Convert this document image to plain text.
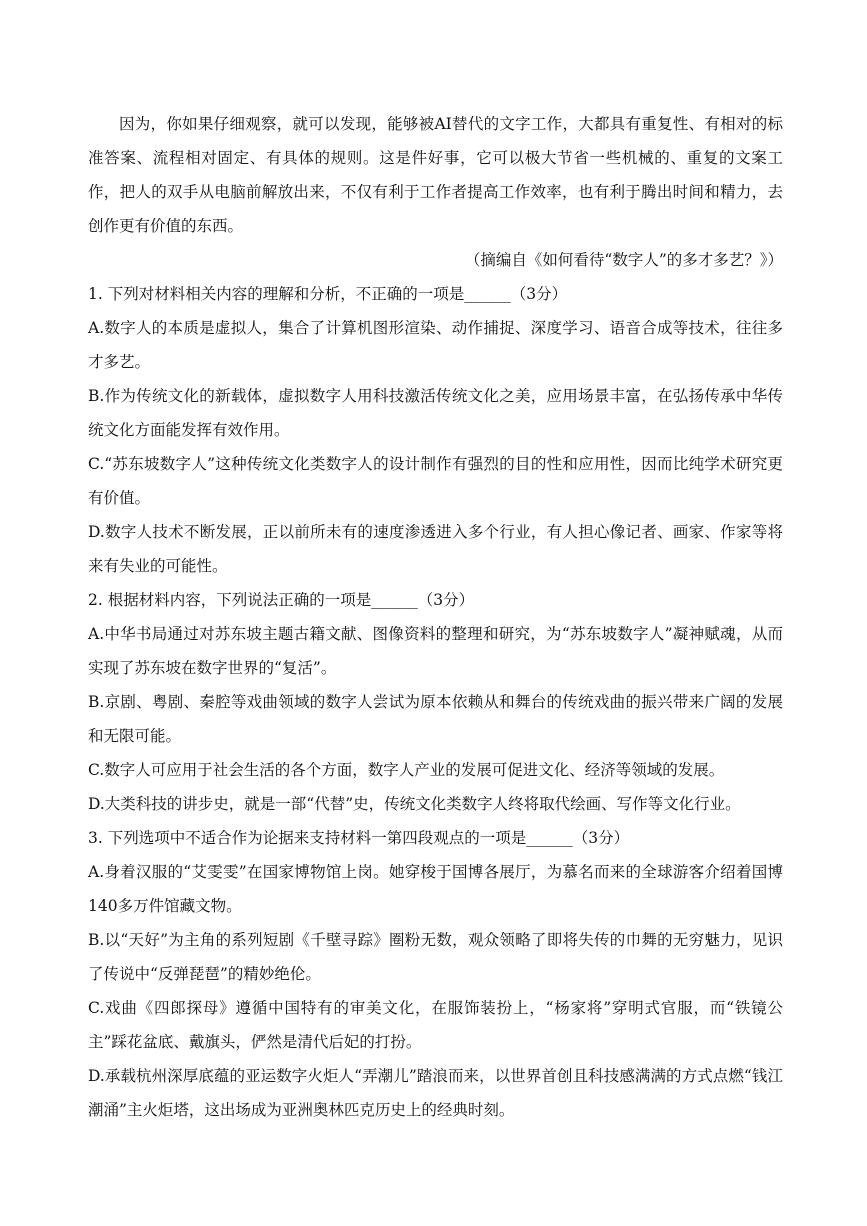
因为，你如果仔细观察，就可以发现，能够被AI替代的文字工作，大都具有重复性、有相对的标准答案、流程相对固定、有具体的规则。这是件好事，它可以极大节省一些机械的、重复的文案工作，把人的双手从电脑前解放出来，不仅有利于工作者提高工作效率，也有利于腾出时间和精力，去创作更有价值的东西。

（摘编自《如何看待“数字人”的多才多艺？》）

1. 下列对材料相关内容的理解和分析，不正确的一项是______（3分）

A.数字人的本质是虚拟人，集合了计算机图形渲染、动作捕捉、深度学习、语音合成等技术，往往多才多艺。

B.作为传统文化的新载体，虚拟数字人用科技激活传统文化之美，应用场景丰富，在弘扬传承中华传统文化方面能发挥有效作用。

C.“苏东坡数字人”这种传统文化类数字人的设计制作有强烈的目的性和应用性，因而比纯学术研究更有价值。

D.数字人技术不断发展，正以前所未有的速度渗透进入多个行业，有人担心像记者、画家、作家等将来有失业的可能性。

2. 根据材料内容，下列说法正确的一项是______（3分）

A.中华书局通过对苏东坡主题古籍文献、图像资料的整理和研究，为“苏东坡数字人”凝神赋魂，从而实现了苏东坡在数字世界的“复活”。

B.京剧、粤剧、秦腔等戏曲领域的数字人尝试为原本依赖从和舞台的传统戏曲的振兴带来广阔的发展和无限可能。

C.数字人可应用于社会生活的各个方面，数字人产业的发展可促进文化、经济等领域的发展。

D.大类科技的讲步史，就是一部“代替”史，传统文化类数字人终将取代绘画、写作等文化行业。

3. 下列选项中不适合作为论据来支持材料一第四段观点的一项是______（3分）

A.身着汉服的“艾雯雯”在国家博物馆上岗。她穿梭于国博各展厅，为慕名而来的全球游客介绍着国博140多万件馆藏文物。

B.以“天好”为主角的系列短剧《千壁寻踪》圈粉无数，观众领略了即将失传的巾舞的无穷魅力，见识了传说中“反弹琵琶”的精妙绝伦。

C.戏曲《四郎探母》遵循中国特有的审美文化，在服饰装扮上，“杨家将”穿明式官服，而“铁镜公主”踩花盆底、戴旗头，俨然是清代后妃的打扮。

D.承载杭州深厚底蕴的亚运数字火炬人“弄潮儿”踏浪而来，以世界首创且科技感满满的方式点燃“钱江潮涌”主火炬塔，这出场成为亚洲奥林匹克历史上的经典时刻。
